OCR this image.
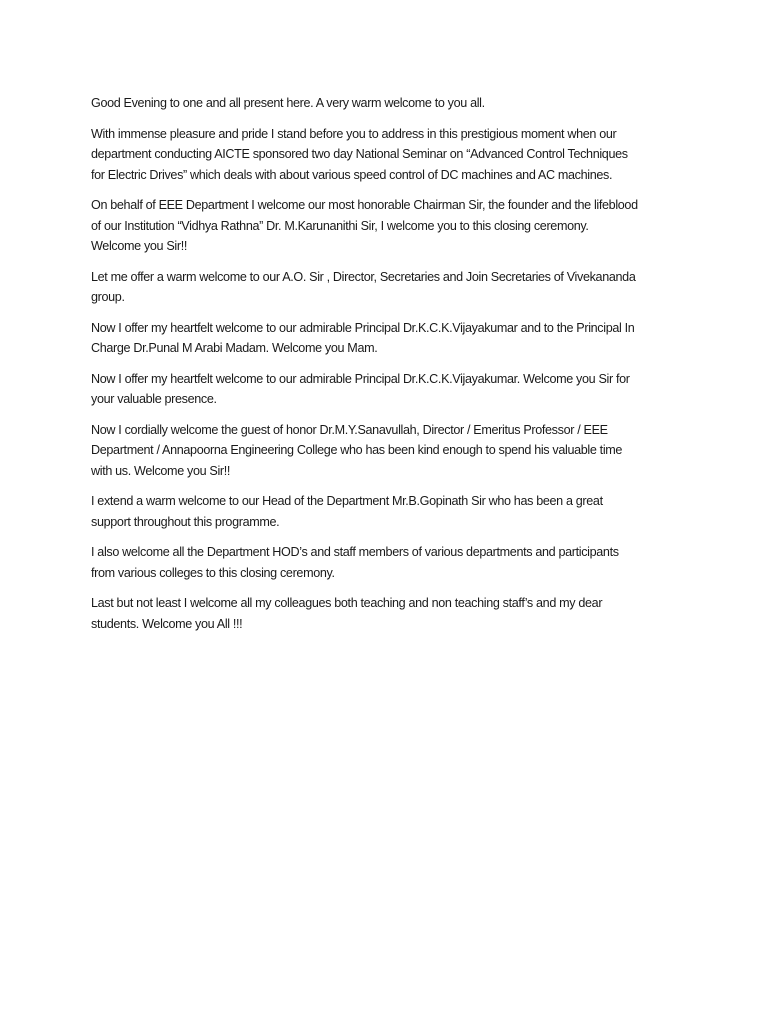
Good Evening to one and all present here. A very warm welcome to you all.

With immense pleasure and pride I stand before you to address in this prestigious moment when our
department conducting AICTE sponsored two day National Seminar on “Advanced Control Techniques
for Electric Drives” which deals with about various speed control of DC machines and AC machines.

On behalf of EEE Department I welcome our most honorable Chairman Sir, the founder and the lifeblood
of our Institution “Vidhya Rathna” Dr. M.Karunanithi Sir, I welcome you to this closing ceremony.
Welcome you Sir!!

Let me offer a warm welcome to our A.O. Sir , Director, Secretaries and Join Secretaries of Vivekananda
group.

Now I offer my heartfelt welcome to our admirable Principal Dr.K.C.K.Vijayakumar and to the Principal In
Charge Dr.Punal M Arabi Madam. Welcome you Mam.

Now I offer my heartfelt welcome to our admirable Principal Dr.K.C.K.Vijayakumar. Welcome you Sir for
your valuable presence.

Now I cordially welcome the guest of honor Dr.M.Y.Sanavullah, Director / Emeritus Professor / EEE
Department / Annapoorna Engineering College who has been kind enough to spend his valuable time
with us. Welcome you Sir!!

I extend a warm welcome to our Head of the Department Mr.B.Gopinath Sir who has been a great
support throughout this programme.

I also welcome all the Department HOD’s and staff members of various departments and participants
from various colleges to this closing ceremony.

Last but not least I welcome all my colleagues both teaching and non teaching staff’s and my dear
students. Welcome you All !!!
